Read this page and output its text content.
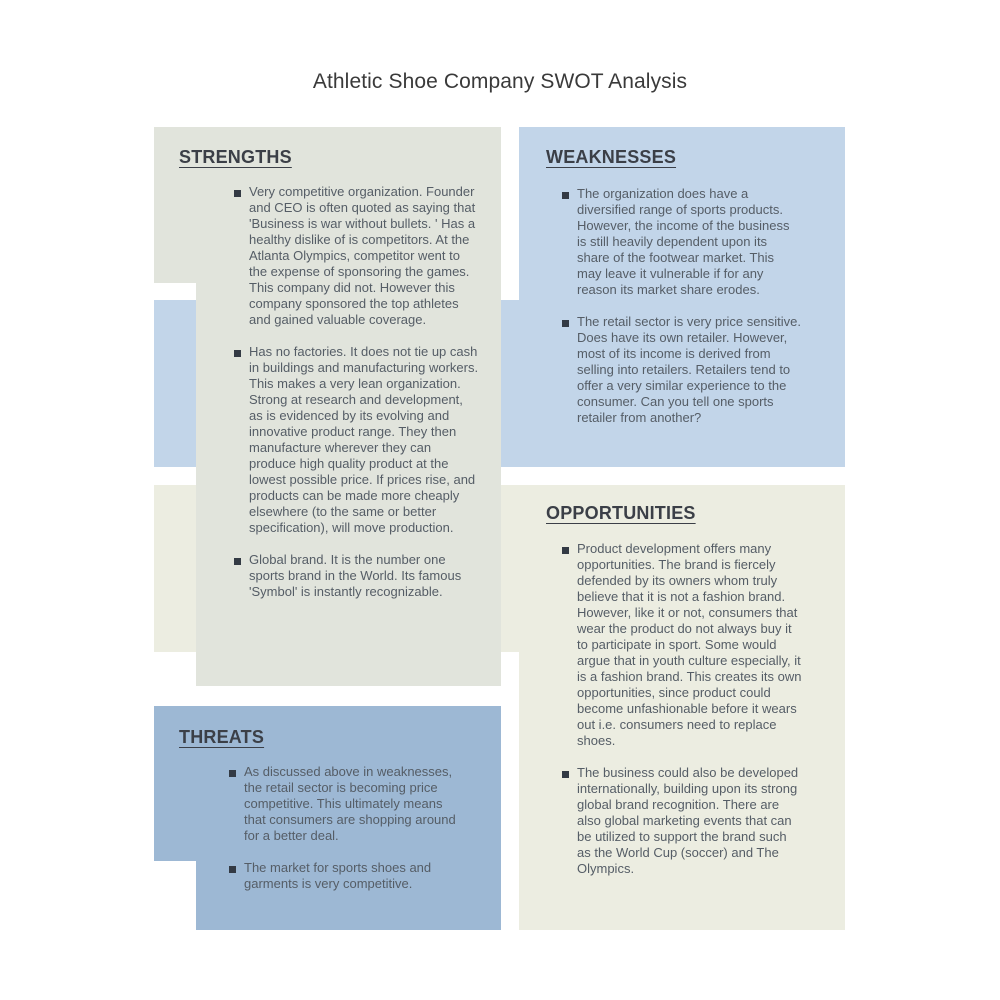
Athletic Shoe Company SWOT Analysis
STRENGTHS
Very competitive organization. Founder and CEO is often quoted as saying that 'Business is war without bullets. ' Has a healthy dislike of is competitors. At the Atlanta Olympics, competitor went to the expense of sponsoring the games. This company did not. However this company sponsored the top athletes and gained valuable coverage.
Has no factories. It does not tie up cash in buildings and manufacturing workers. This makes a very lean organization. Strong at research and development, as is evidenced by its evolving and innovative product range. They then manufacture wherever they can produce high quality product at the lowest possible price. If prices rise, and products can be made more cheaply elsewhere (to the same or better specification), will move production.
Global brand. It is the number one sports brand in the World. Its famous 'Symbol' is instantly recognizable.
WEAKNESSES
The organization does have a diversified range of sports products. However, the income of the business is still heavily dependent upon its share of the footwear market. This may leave it vulnerable if for any reason its market share erodes.
The retail sector is very price sensitive. Does have its own retailer. However, most of its income is derived from selling into retailers. Retailers tend to offer a very similar experience to the consumer. Can you tell one sports retailer from another?
OPPORTUNITIES
Product development offers many opportunities. The brand is fiercely defended by its owners whom truly believe that it is not a fashion brand. However, like it or not, consumers that wear the product do not always buy it to participate in sport. Some would argue that in youth culture especially, it is a fashion brand. This creates its own opportunities, since product could become unfashionable before it wears out i.e. consumers need to replace shoes.
The business could also be developed internationally, building upon its strong global brand recognition. There are also global marketing events that can be utilized to support the brand such as the World Cup (soccer) and The Olympics.
THREATS
As discussed above in weaknesses, the retail sector is becoming price competitive. This ultimately means that consumers are shopping around for a better deal.
The market for sports shoes and garments is very competitive.
